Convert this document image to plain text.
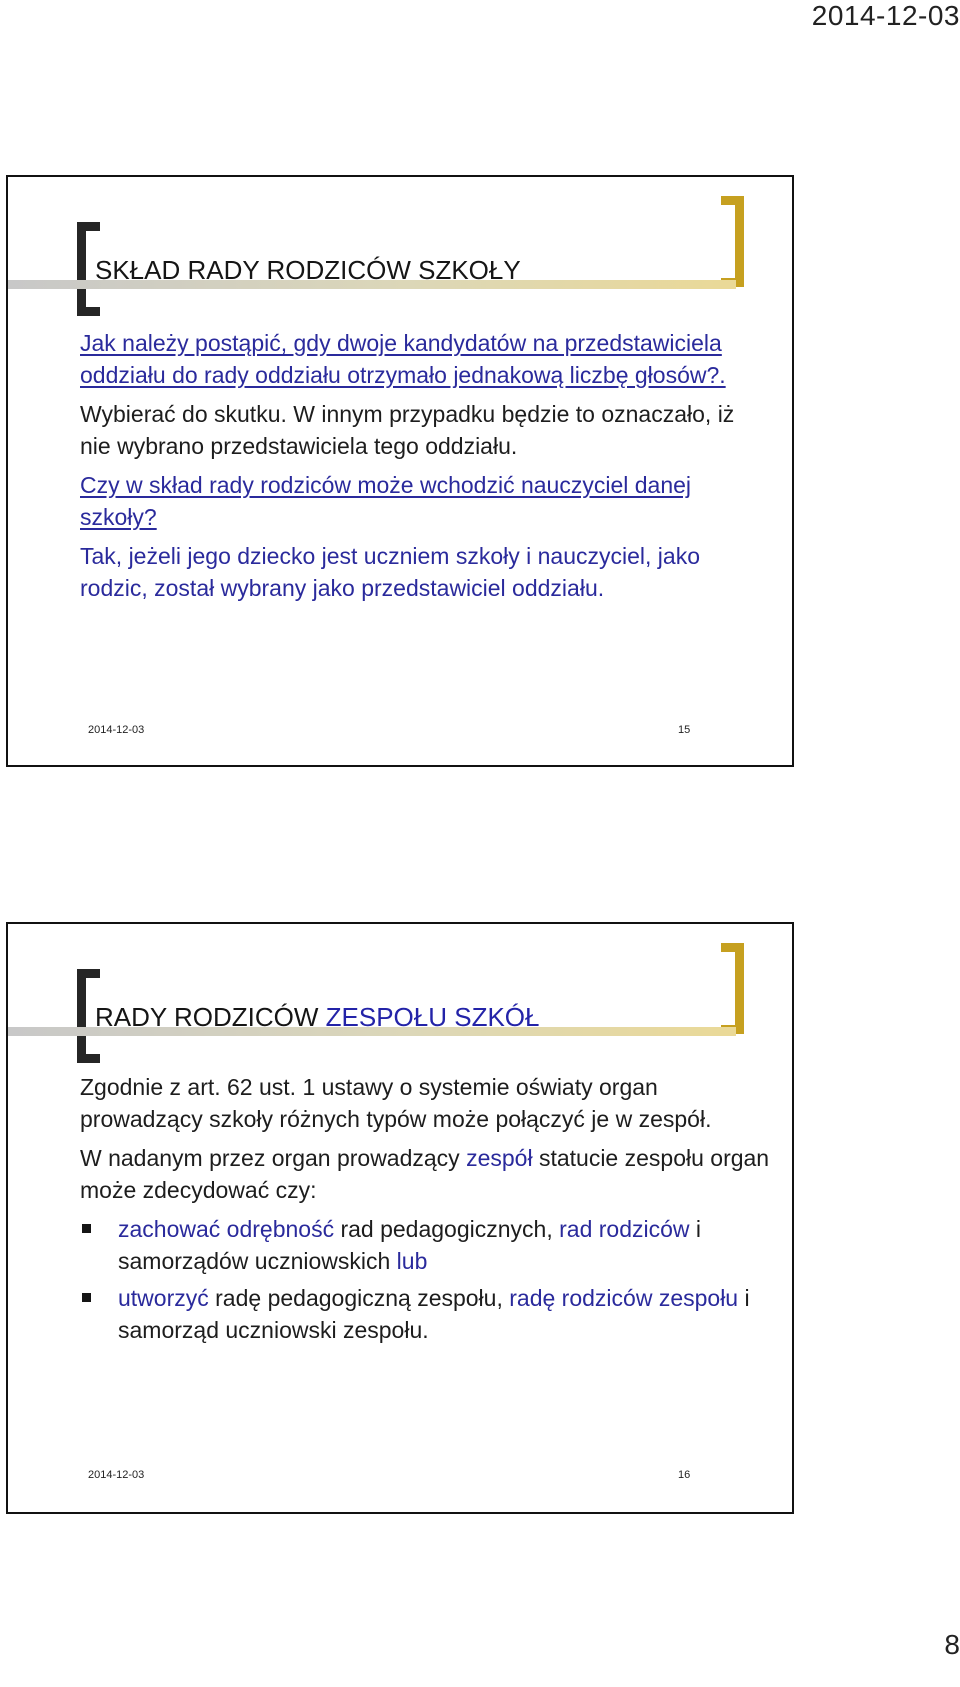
2014-12-03
SKŁAD RADY RODZICÓW SZKOŁY
Jak należy postąpić, gdy dwoje kandydatów na przedstawiciela oddziału do rady oddziału otrzymało jednakową liczbę głosów?.
Wybierać do skutku. W innym przypadku będzie to oznaczało, iż nie wybrano przedstawiciela tego oddziału.
Czy w skład rady rodziców może wchodzić nauczyciel danej szkoły?
Tak, jeżeli jego dziecko jest uczniem szkoły i nauczyciel, jako rodzic, został wybrany jako przedstawiciel oddziału.
2014-12-03	15
RADY RODZICÓW ZESPOŁU SZKÓŁ
Zgodnie z art. 62 ust. 1 ustawy o systemie oświaty organ prowadzący szkoły różnych typów może połączyć je w zespół.
W nadanym przez organ prowadzący zespół statucie zespołu organ może zdecydować czy:
zachować odrębność rad pedagogicznych, rad rodziców i samorządów uczniowskich lub
utworzyć radę pedagogiczną zespołu, radę rodziców zespołu i samorząd uczniowski zespołu.
2014-12-03	16
8
